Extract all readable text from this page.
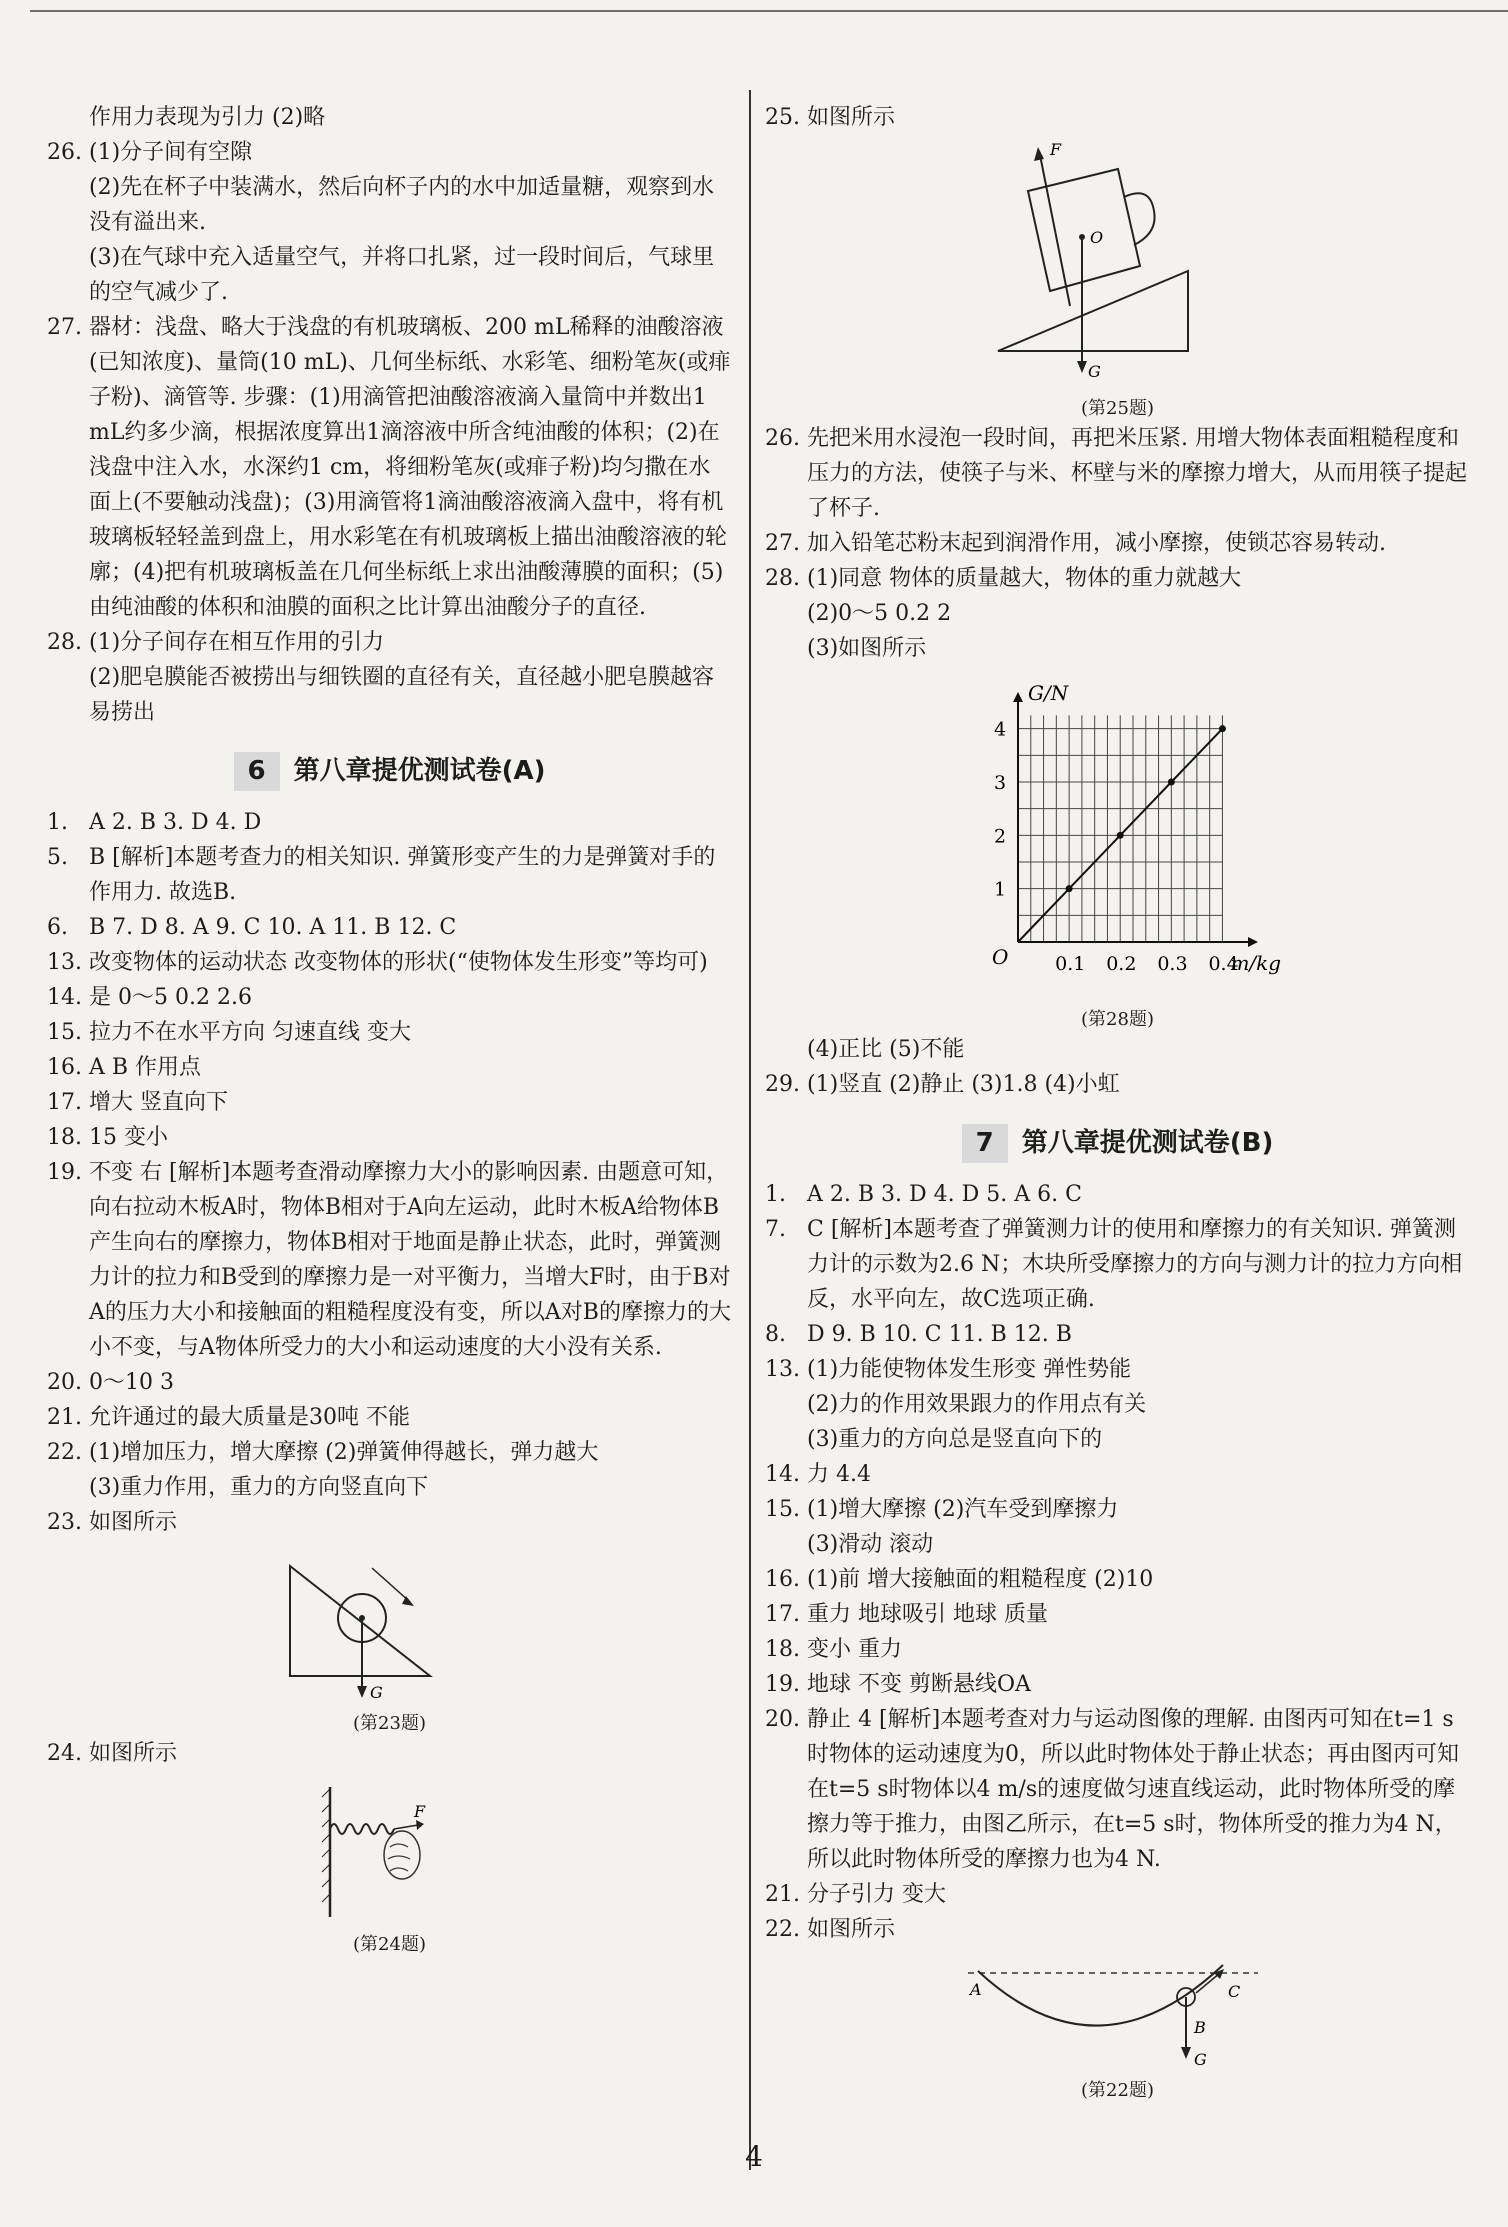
作用力表现为引力 (2)略
26. (1)分子间有空隙
(2)先在杯子中装满水，然后向杯子内的水中加适量糖，观察到水没有溢出来.
(3)在气球中充入适量空气，并将口扎紧，过一段时间后，气球里的空气减少了.
27. 器材：浅盘、略大于浅盘的有机玻璃板、200 mL稀释的油酸溶液(已知浓度)、量筒(10 mL)、几何坐标纸、水彩笔、细粉笔灰(或痱子粉)、滴管等. 步骤：(1)用滴管把油酸溶液滴入量筒中并数出1 mL约多少滴，根据浓度算出1滴溶液中所含纯油酸的体积；(2)在浅盘中注入水，水深约1 cm，将细粉笔灰(或痱子粉)均匀撒在水面上(不要触动浅盘)；(3)用滴管将1滴油酸溶液滴入盘中，将有机玻璃板轻轻盖到盘上，用水彩笔在有机玻璃板上描出油酸溶液的轮廓；(4)把有机玻璃板盖在几何坐标纸上求出油酸薄膜的面积；(5)由纯油酸的体积和油膜的面积之比计算出油酸分子的直径.
28. (1)分子间存在相互作用的引力
(2)肥皂膜能否被捞出与细铁圈的直径有关，直径越小肥皂膜越容易捞出
6	第八章提优测试卷(A)
1. A 2. B 3. D 4. D
5. B [解析]本题考查力的相关知识. 弹簧形变产生的力是弹簧对手的作用力. 故选B.
6. B 7. D 8. A 9. C 10. A 11. B 12. C
13. 改变物体的运动状态 改变物体的形状(“使物体发生形变”等均可)
14. 是 0～5 0.2 2.6
15. 拉力不在水平方向 匀速直线 变大
16. A B 作用点
17. 增大 竖直向下
18. 15 变小
19. 不变 右 [解析]本题考查滑动摩擦力大小的影响因素. 由题意可知，向右拉动木板A时，物体B相对于A向左运动，此时木板A给物体B产生向右的摩擦力，物体B相对于地面是静止状态，此时，弹簧测力计的拉力和B受到的摩擦力是一对平衡力，当增大F时，由于B对A的压力大小和接触面的粗糙程度没有变，所以A对B的摩擦力的大小不变，与A物体所受力的大小和运动速度的大小没有关系.
20. 0～10 3
21. 允许通过的最大质量是30吨 不能
22. (1)增加压力，增大摩擦 (2)弹簧伸得越长，弹力越大
(3)重力作用，重力的方向竖直向下
23. 如图所示
G
(第23题)
24. 如图所示
F
(第24题)
25. 如图所示
O
G
F
(第25题)
26. 先把米用水浸泡一段时间，再把米压紧. 用增大物体表面粗糙程度和压力的方法，使筷子与米、杯壁与米的摩擦力增大，从而用筷子提起了杯子.
27. 加入铅笔芯粉末起到润滑作用，减小摩擦，使锁芯容易转动.
28. (1)同意 物体的质量越大，物体的重力就越大
(2)0～5 0.2 2
(3)如图所示
G/N
m/kg
O 0.1 0.2 0.3 0.4
1
2
3
4
(第28题)
(4)正比 (5)不能
29. (1)竖直 (2)静止 (3)1.8 (4)小虹
7	第八章提优测试卷(B)
1. A 2. B 3. D 4. D 5. A 6. C
7. C [解析]本题考查了弹簧测力计的使用和摩擦力的有关知识. 弹簧测力计的示数为2.6 N；木块所受摩擦力的方向与测力计的拉力方向相反，水平向左，故C选项正确.
8. D 9. B 10. C 11. B 12. B
13. (1)力能使物体发生形变 弹性势能
(2)力的作用效果跟力的作用点有关
(3)重力的方向总是竖直向下的
14. 力 4.4
15. (1)增大摩擦 (2)汽车受到摩擦力
(3)滑动 滚动
16. (1)前 增大接触面的粗糙程度 (2)10
17. 重力 地球吸引 地球 质量
18. 变小 重力
19. 地球 不变 剪断悬线OA
20. 静止 4 [解析]本题考查对力与运动图像的理解. 由图丙可知在t=1 s时物体的运动速度为0，所以此时物体处于静止状态；再由图丙可知在t=5 s时物体以4 m/s的速度做匀速直线运动，此时物体所受的摩擦力等于推力，由图乙所示，在t=5 s时，物体所受的推力为4 N，所以此时物体所受的摩擦力也为4 N.
21. 分子引力 变大
22. 如图所示
A
B
G
C
(第22题)
4
